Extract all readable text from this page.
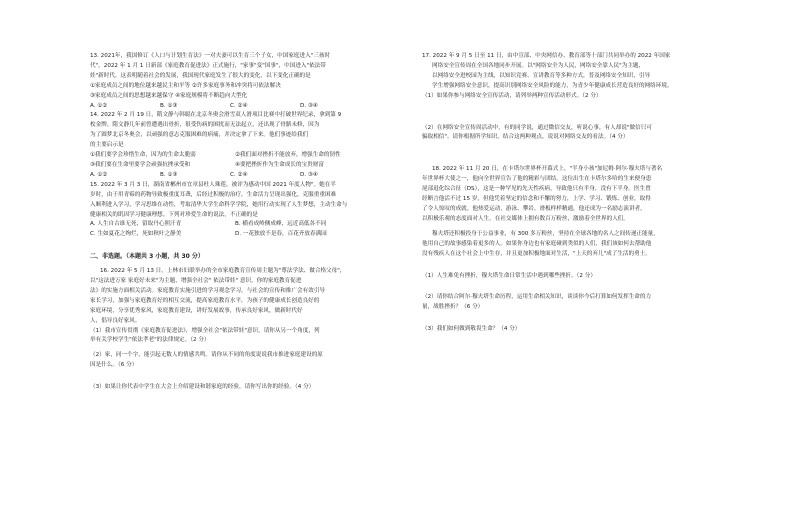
13. 2021年，我国修订《人口与计划生育法》一对夫妻可以生育三个子女，中国家庭进入"三孩时

代"。2022 年 1 月 1 日新部《家庭教育促进法》正式施行，"家事"变"国事"，中国进入"依法带

娃"新时代。这表明随着社会的发展，我国现代家庭发生了很大的变化，以下变化正确的是

①家庭成员之间的地位越来越民主和平等 ②许多家庭事务和冲突将可依法解决

③家庭成员之间的思想越来越保守 ④家庭规模将不断趋向大型化

A. ①②	B. ①③	C. ②④	D. ③④

14. 2022 年 2 月 19 日，隋文静与韩聪在北京冬奥会滑雪双人滑项目比赛中打破世界纪录，拿到第 9

枚金牌。隋文静几年前曾遭遇出骨折，很受伤病的困扰而无法起立，还出现了骨骼未修，因为

为了圆梦北京冬奥会，以顽强的意志克服困难的病痛，并决定拿了下来。他们事迹给我们

的主要启示是

①我们要学会珍惜生命，因为的生命太脆弱	②我们面对挫折不能放弃，增强生命的韧性
③我们要在生命里要学会顽强抗挫承受和	④要把挫折作为生命成长的宝贵财富
A. ①②	B. ①③	C. ②④	D. ③④

15. 2022 年 3 月 3 日，湖南省郴州市宜章县杜人珠莲，被评为感动中国 2021 年度人物"。她在半

岁时，由于用青霉的药物导致极重度耳聋，后经过积极的治疗，生命活力呈现出强化，克服重重困难

入顺利进入学习，学习思维在动性，考取清华大学生命科学学院，她用行动实现了人生梦想，主动生命与

健康相关的肌因学习健康理想。下列对珍爱生命的说法，不正确的是

A. 人生自古谁无死，留取丹心照汗青	B. 横看成岭侧成峰，远近高低各不同
C. 生如夏花之绚烂，死如秋叶之静美	D. 一花独放不是春，百花齐放春满园

二、非选题。（本题共 3 小题，共 30 分）

16. 2022 年 5 月 13 日，上林市妇联举办的全市家庭教育宣传周主题为"尊法学法、做合格父母"，

以"这法进万家 家庭好未来"为主题，增强全社会" 依法带娃" 意识，你的家庭教育促进

法》的实施方面相关活动。家庭教育实施引进的学习观念学习，与社会的宣传和推广会有效引导

家长学习，加强与家庭教育好的相互交流，提高家庭教育水平，为孩子的健康成长创造良好的

家庭环境，分享优秀家风，家庭教育建设，讲好发展故事，传承良好家风，做新时代好

人，倡导良好家风。

（1）我市宣传贯彻《家庭教育促进法》，增强全社会"依法带娃"意识，请你从另一个角度，列

举有关学校学生"依法孝老"的法律规定。（2 分）

（2）家，同一个字，能引起无数人的情感共鸣。请你从不同的角度说说我市推进家庭建设的原

因是什么。（6 分）

（3）如果让你代表中学生在大会上介绍建设和谐家庭的经验，请你写出你的经验。（4 分）

17. 2022 年 9 月 5 日至 11 日，由中宣部、中央网信办、教育部等十部门共同举办的 2022 年国家

网络安全宣传周在全国各地同步开展。以"网络安全为人民，网络安全靠人民"为主题，

以网络安全进校园为主线，以知识竞赛、宣讲教育等多种方式，普及网络安全知识，引导

学生增强网络安全意识，提高识别网络安全风险的能力，为青少年健康成长营造良好的网络环境。

（1）如果你参与网络安全宣传活动，请列举两种宣传活动形式。（2 分）

（2）在网络安全宣传周活动中，有的同学说，通过微信交友，听说心事，有人却说"做信只可

骗取相信"。请你根据所学知识，结合这两种观点，说说对网络交友的看法。（4 分）

18. 2022 年 11 月 20 日，在卡塔尔世界杯开幕式上，"半身小孩"加尼姆·阿尔·穆夫塔与著名

年世界杯大使之一，他向全世界宣告了他的精彩与团结。这位出生在卡塔尔多哈的生来便身患

尾部退化综合征（DS），这是一种罕见的先天性疾病，导致他只有半身，没有下半身。医生曾

经断言他活不过 15 岁，但他凭着坚定的信念和不懈的努力，上学、学习、锻炼、创业，取得

了令人惊叹的成就。他热爱运动，游泳、攀岩、滑板样样精通，他还成为一名励志演讲者，

以积极乐观的态度面对人生，在社交媒体上拥有数百万粉丝，激励着全世界的人们。

穆夫塔还积极投身于公益事业，有 300 多万粉丝，坚持在全球各地的名人之间传递正能量，

他用自己的故事感染着更多的人。如果你身边也有家庭碰到类似的人们，我们该如何去帮助他

没有残疾人在这个社会上中生存，并且更加积极地面对生活，"上天的弃儿"成了生活的勇士。

（1）人生难免有挫折，穆夫塔生命日常生活中遇到哪些挫折。（2 分）

（2）请你结合阿尔·穆夫塔生命历程，运用生命相关知识，谈谈你今后打算如何发挥生命的力

量，战胜挫折？（6 分）

（3）我们如何做到敬畏生命？（4 分）
